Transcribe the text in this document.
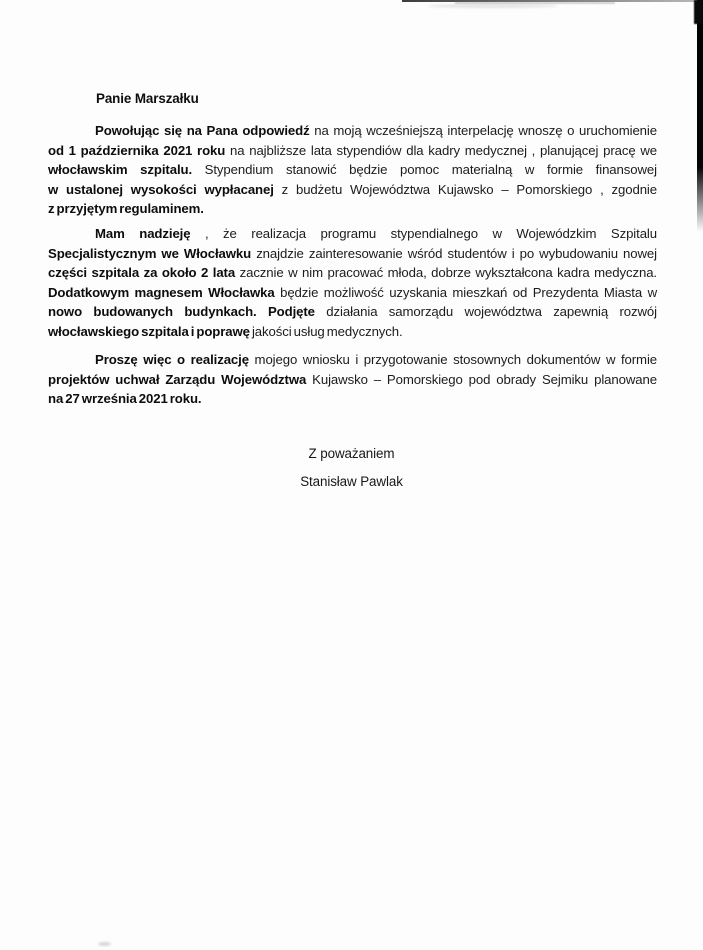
Panie Marszałku
Powołując się na Pana odpowiedź na moją wcześniejszą interpelację wnoszę o uruchomienie
od 1 października 2021 roku na najbliższe lata stypendiów dla kadry medycznej , planującej pracę we
włocławskim szpitalu. Stypendium stanowić będzie pomoc materialną w formie finansowej
w ustalonej wysokości wypłacanej z budżetu Województwa Kujawsko – Pomorskiego , zgodnie
z przyjętym regulaminem.
Mam nadzieję , że realizacja programu stypendialnego w Wojewódzkim Szpitalu
Specjalistycznym we Włocławku znajdzie zainteresowanie wśród studentów i po wybudowaniu nowej
części szpitala za około 2 lata zacznie w nim pracować młoda, dobrze wykształcona kadra medyczna.
Dodatkowym magnesem Włocławka będzie możliwość uzyskania mieszkań od Prezydenta Miasta w
nowo budowanych budynkach. Podjęte działania samorządu województwa zapewnią rozwój
włocławskiego szpitala i poprawę jakości usług medycznych.
Proszę więc o realizację mojego wniosku i przygotowanie stosownych dokumentów w formie
projektów uchwał Zarządu Województwa Kujawsko – Pomorskiego pod obrady Sejmiku planowane
na 27 września 2021 roku.
Z poważaniem
Stanisław Pawlak
